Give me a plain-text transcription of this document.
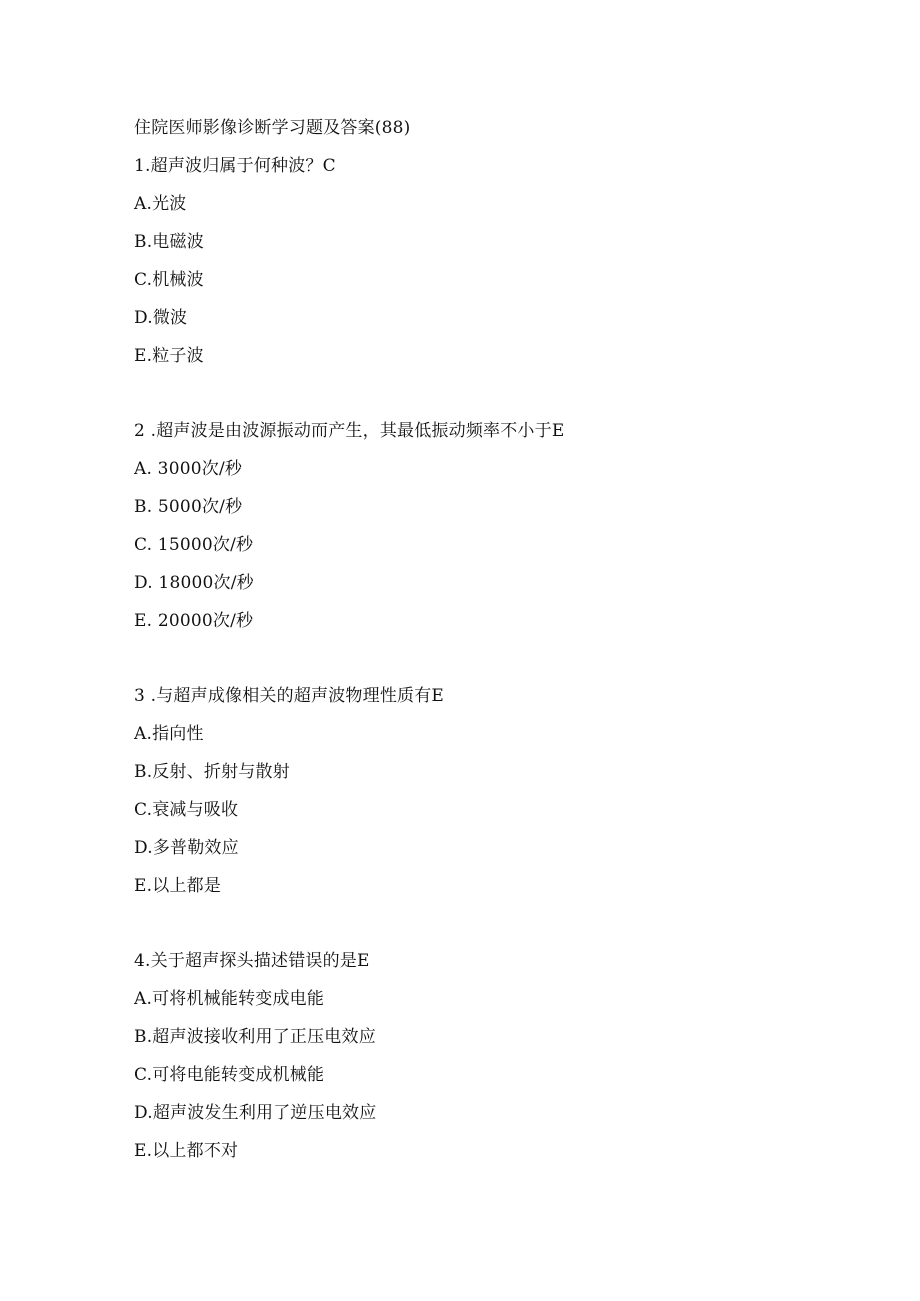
住院医师影像诊断学习题及答案(88)
1.超声波归属于何种波？C
A.光波
B.电磁波
C.机械波
D.微波
E.粒子波
2 .超声波是由波源振动而产生，其最低振动频率不小于E
A. 3000次/秒
B. 5000次/秒
C. 15000次/秒
D. 18000次/秒
E. 20000次/秒
3 .与超声成像相关的超声波物理性质有E
A.指向性
B.反射、折射与散射
C.衰减与吸收
D.多普勒效应
E.以上都是
4.关于超声探头描述错误的是E
A.可将机械能转变成电能
B.超声波接收利用了正压电效应
C.可将电能转变成机械能
D.超声波发生利用了逆压电效应
E.以上都不对
